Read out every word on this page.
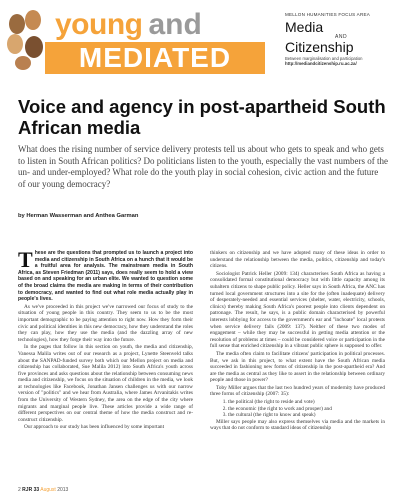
young and
MEDIATED
MELLON HUMANITIES FOCUS AREA
Media
AND
Citizenship
Between marginalisation and participation
http://mediandcitizenship.ru.ac.za/
Voice and agency in post-apartheid South African media

What does the rising number of service delivery protests tell us about who gets to speak and who gets to listen in South African politics? Do politicians listen to the youth, especially the vast numbers of the un- and under-employed? What role do the youth play in social cohesion, civic action and the future of our young democracy?

by Herman Wasserman and Anthea Garman

These are the questions that prompted us to launch a project into media and citizenship in South Africa on a hunch that it would be a fruitful area for analysis. The mainstream media in South Africa, as Steven Friedman (2011) says, does really seem to hold a view based on and speaking for an urban elite. We wanted to question some of the broad claims the media are making in terms of their contribution to democracy, and wanted to find out what role media actually play in people's lives.

As we've proceeded in this project we've narrowed our focus of study to the situation of young people in this country. They seem to us to be the most important demographic to be paying attention to right now. How they form their civic and political identities in this new democracy, how they understand the roles they can play, how they use the media (and the dazzling array of new technologies), how they forge their way into the future.

In the pages that follow in this section on youth, the media and citizenship, Vanessa Malila writes out of our research as a project, Lynette Steenveld talks about the SANPAD-funded survey both which our Mellon project on media and citizenship has collaborated, Sue Malila 2012) into South Africa's youth across five provinces and asks questions about the relationship between consuming news media and citizenship, we focus on the situation of children in the media, we look at technologies like Facebook, Jonathan Jansen challenges us with our narrow version of "politics" and we hear from Australia, where James Arvanitakis writes from the University of Western Sydney, the area on the edge of the city where migrants and marginal people live. These articles provide a wide range of different perspectives on our central theme of how the media construct and re-construct citizenship.

Our approach to our study has been influenced by some important

thinkers on citizenship and we have adopted many of these ideas in order to understand the relationship between the media, politics, citizenship and today's citizens.

Sociologist Patrick Heller (2009: 134) characterises South Africa as having a consolidated formal constitutional democracy but with little capacity among its subaltern citizens to shape public policy. Heller says in South Africa, the ANC has turned local government structures into a site for the (often inadequate) delivery of desperately-needed and essential services (shelter, water, electricity, schools, clinics) thereby making South Africa's poorest people into clients dependent on patronage. The result, he says, is a public domain characterised by powerful interests lobbying for access to the government's ear and "inchoate" local protests when service delivery fails (2009: 137). Neither of these two modes of engagement – while they may be successful in getting media attention or the resolution of problems at times – could be considered voice or participation in the full sense that enriched citizenship in a vibrant public sphere is supposed to offer.

The media often claim to facilitate citizens' participation in political processes. But, we ask in this project, to what extent have the South African media succeeded in fashioning new forms of citizenship in the post-apartheid era? And are the media as central as they like to assert in the relationship between ordinary people and those in power?

Toby Miller argues that the last two hundred years of modernity have produced three forms of citizenship (2007: 35):

1. the political (the right to reside and vote)
2. the economic (the right to work and prosper) and
3. the cultural (the right to know and speak)

Miller says people may also express themselves via media and the markets in ways that do not conform to standard ideas of citizenship

2 RJR 33 August 2013
